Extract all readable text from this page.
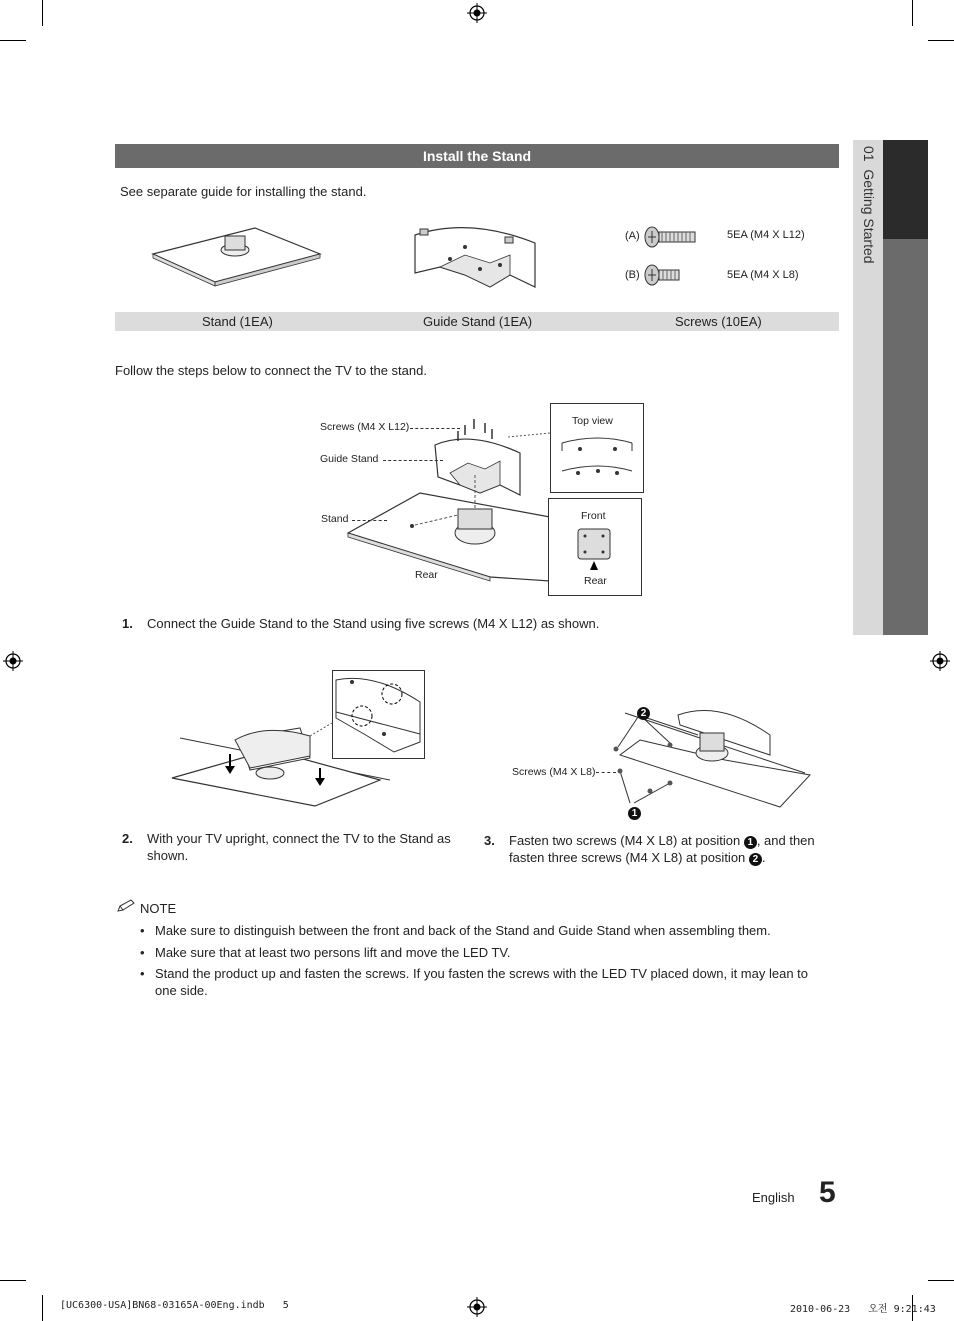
01  Getting Started
Install the Stand
See separate guide for installing the stand.
(A)	5EA (M4 X L12)
(B)	5EA (M4 X L8)
Stand (1EA)	Guide Stand (1EA)	Screws (10EA)
Follow the steps below to connect the TV to the stand.
Screws (M4 X L12)
Guide Stand
Stand
Rear
Top view
Front
Rear
1. Connect the Guide Stand to the Stand using five screws (M4 X L12) as shown.
2. With your TV upright, connect the TV to the Stand as shown.
2
1
Screws (M4 X L8)
3. Fasten two screws (M4 X L8) at position 1 , and then fasten three screws (M4 X L8) at position 2 .
NOTE
• Make sure to distinguish between the front and back of the Stand and Guide Stand when assembling them.
• Make sure that at least two persons lift and move the LED TV.
• Stand the product up and fasten the screws. If you fasten the screws with the LED TV placed down, it may lean to one side.
English 5
[UC6300-USA]BN68-03165A-00Eng.indb   5	2010-06-23   오전 9:21:43
